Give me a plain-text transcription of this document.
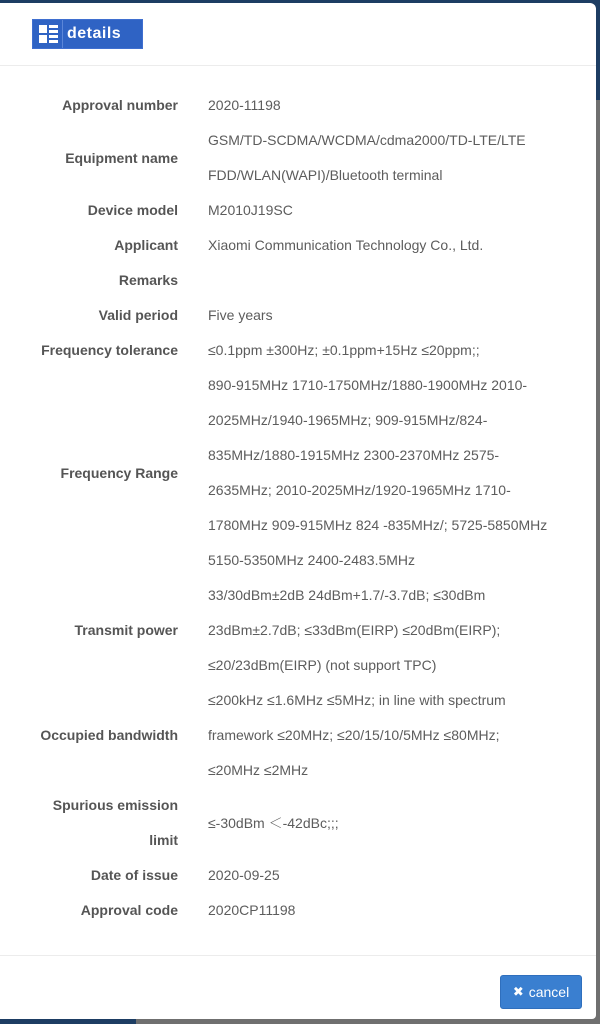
details
Approval number 2020-11198
Equipment name
GSM/TD-SCDMA/WCDMA/cdma2000/TD-LTE/LTE
FDD/WLAN(WAPI)/Bluetooth terminal
Device model M2010J19SC
Applicant Xiaomi Communication Technology Co., Ltd.
Remarks

Valid period Five years
Frequency tolerance ≤0.1ppm ±300Hz; ±0.1ppm+15Hz ≤20ppm;;
Frequency Range
890-915MHz 1710-1750MHz/1880-1900MHz 2010-
2025MHz/1940-1965MHz; 909-915MHz/824-
835MHz/1880-1915MHz 2300-2370MHz 2575-
2635MHz; 2010-2025MHz/1920-1965MHz 1710-
1780MHz 909-915MHz 824 -835MHz/; 5725-5850MHz
5150-5350MHz 2400-2483.5MHz
Transmit power
33/30dBm±2dB 24dBm+1.7/-3.7dB; ≤30dBm
23dBm±2.7dB; ≤33dBm(EIRP) ≤20dBm(EIRP);
≤20/23dBm(EIRP) (not support TPC)
Occupied bandwidth
≤200kHz ≤1.6MHz ≤5MHz; in line with spectrum
framework ≤20MHz; ≤20/15/10/5MHz ≤80MHz;
≤20MHz ≤2MHz
Spurious emission
limit
≤-30dBm ＜-42dBc;;;
Date of issue 2020-09-25
Approval code 2020CP11198
✖ cancel
